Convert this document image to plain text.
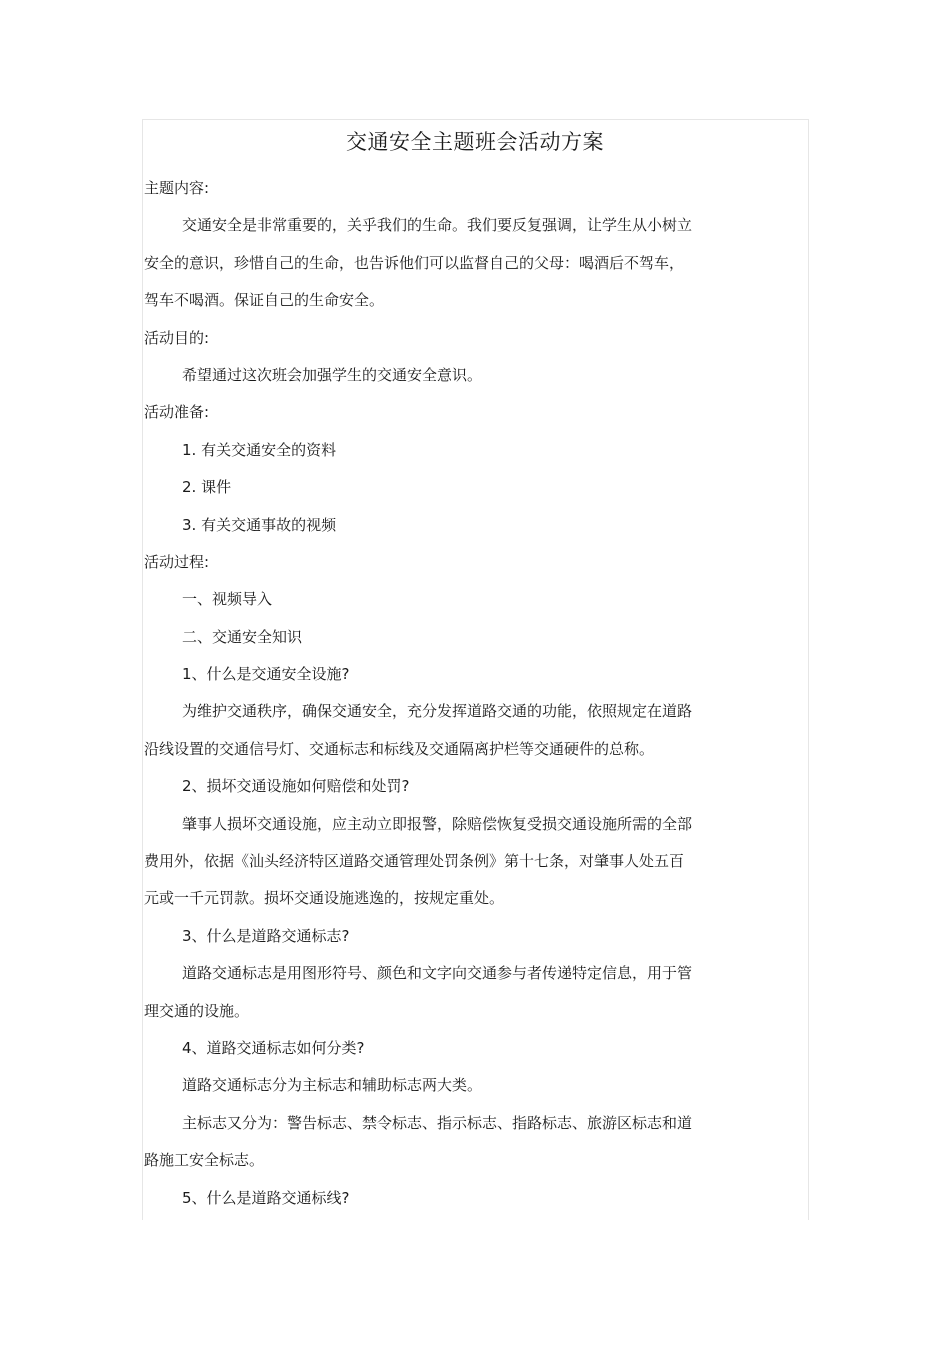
交通安全主题班会活动方案
主题内容:
交通安全是非常重要的，关乎我们的生命。我们要反复强调，让学生从小树立
安全的意识，珍惜自己的生命，也告诉他们可以监督自己的父母：喝酒后不驾车，
驾车不喝酒。保证自己的生命安全。
活动目的:
希望通过这次班会加强学生的交通安全意识。
活动准备:
1. 有关交通安全的资料
2. 课件
3. 有关交通事故的视频
活动过程:
一、视频导入
二、交通安全知识
1、什么是交通安全设施?
为维护交通秩序，确保交通安全，充分发挥道路交通的功能，依照规定在道路
沿线设置的交通信号灯、交通标志和标线及交通隔离护栏等交通硬件的总称。
2、损坏交通设施如何赔偿和处罚?
肇事人损坏交通设施，应主动立即报警，除赔偿恢复受损交通设施所需的全部
费用外，依据《汕头经济特区道路交通管理处罚条例》第十七条，对肇事人处五百
元或一千元罚款。损坏交通设施逃逸的，按规定重处。
3、什么是道路交通标志?
道路交通标志是用图形符号、颜色和文字向交通参与者传递特定信息，用于管
理交通的设施。
4、道路交通标志如何分类?
道路交通标志分为主标志和辅助标志两大类。
主标志又分为：警告标志、禁令标志、指示标志、指路标志、旅游区标志和道
路施工安全标志。
5、什么是道路交通标线?
